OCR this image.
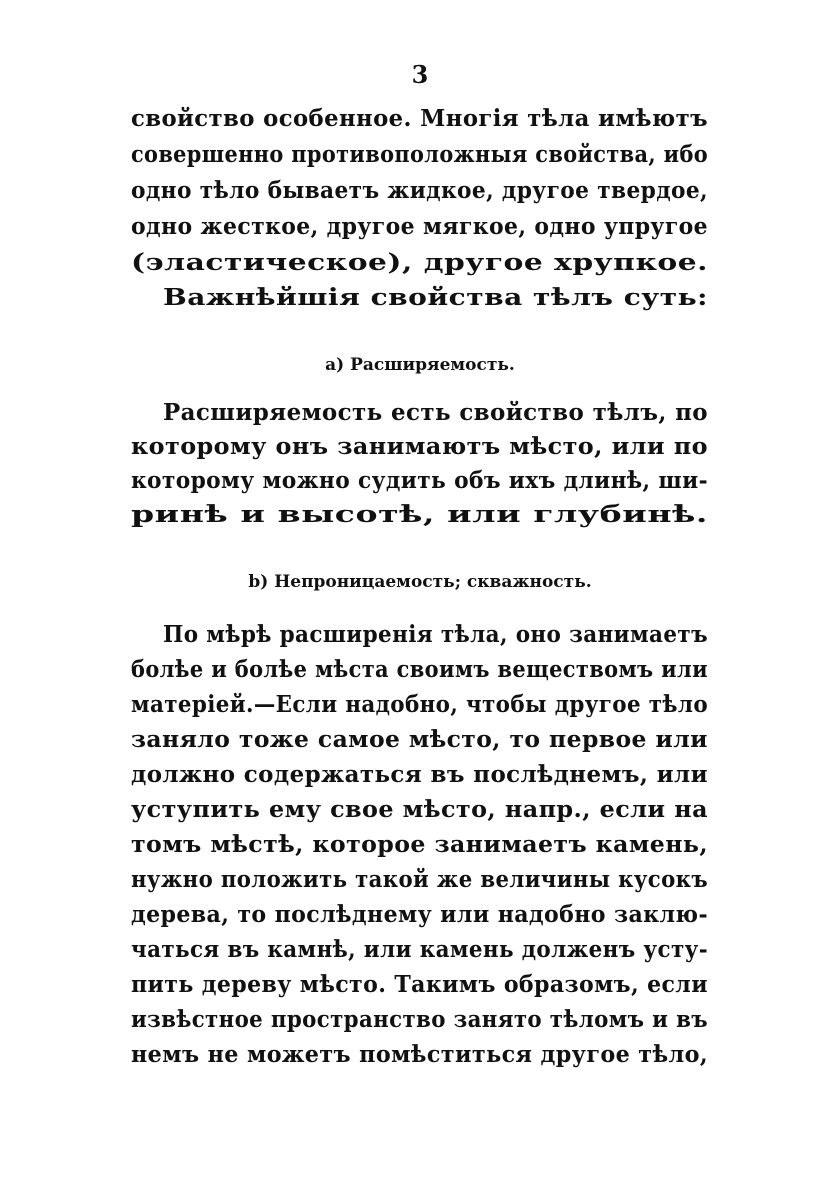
3
свойство особенное. Многія тѣла имѣютъ
совершенно противоположныя свойства, ибо
одно тѣло бываетъ жидкое, другое твердое,
одно жесткое, другое мягкое, одно упругое
(эластическое), другое хрупкое.
Важнѣйшія свойства тѣлъ суть:
a) Расширяемость.
Расширяемость есть свойство тѣлъ, по
которому онъ занимаютъ мѣсто, или по
которому можно судить объ ихъ длинѣ, ши-
ринѣ и высотѣ, или глубинѣ.
b) Непроницаемость; скважность.
По мѣрѣ расширенія тѣла, оно занимаетъ
болѣе и болѣе мѣста своимъ веществомъ или
матеріей.—Если надобно, чтобы другое тѣло
заняло тоже самое мѣсто, то первое или
должно содержаться въ послѣднемъ, или
уступить ему свое мѣсто, напр., если на
томъ мѣстѣ, которое занимаетъ камень,
нужно положить такой же величины кусокъ
дерева, то послѣднему или надобно заклю-
чаться въ камнѣ, или камень долженъ усту-
пить дереву мѣсто. Такимъ образомъ, если
извѣстное пространство занято тѣломъ и въ
немъ не можетъ помѣститься другое тѣло,
